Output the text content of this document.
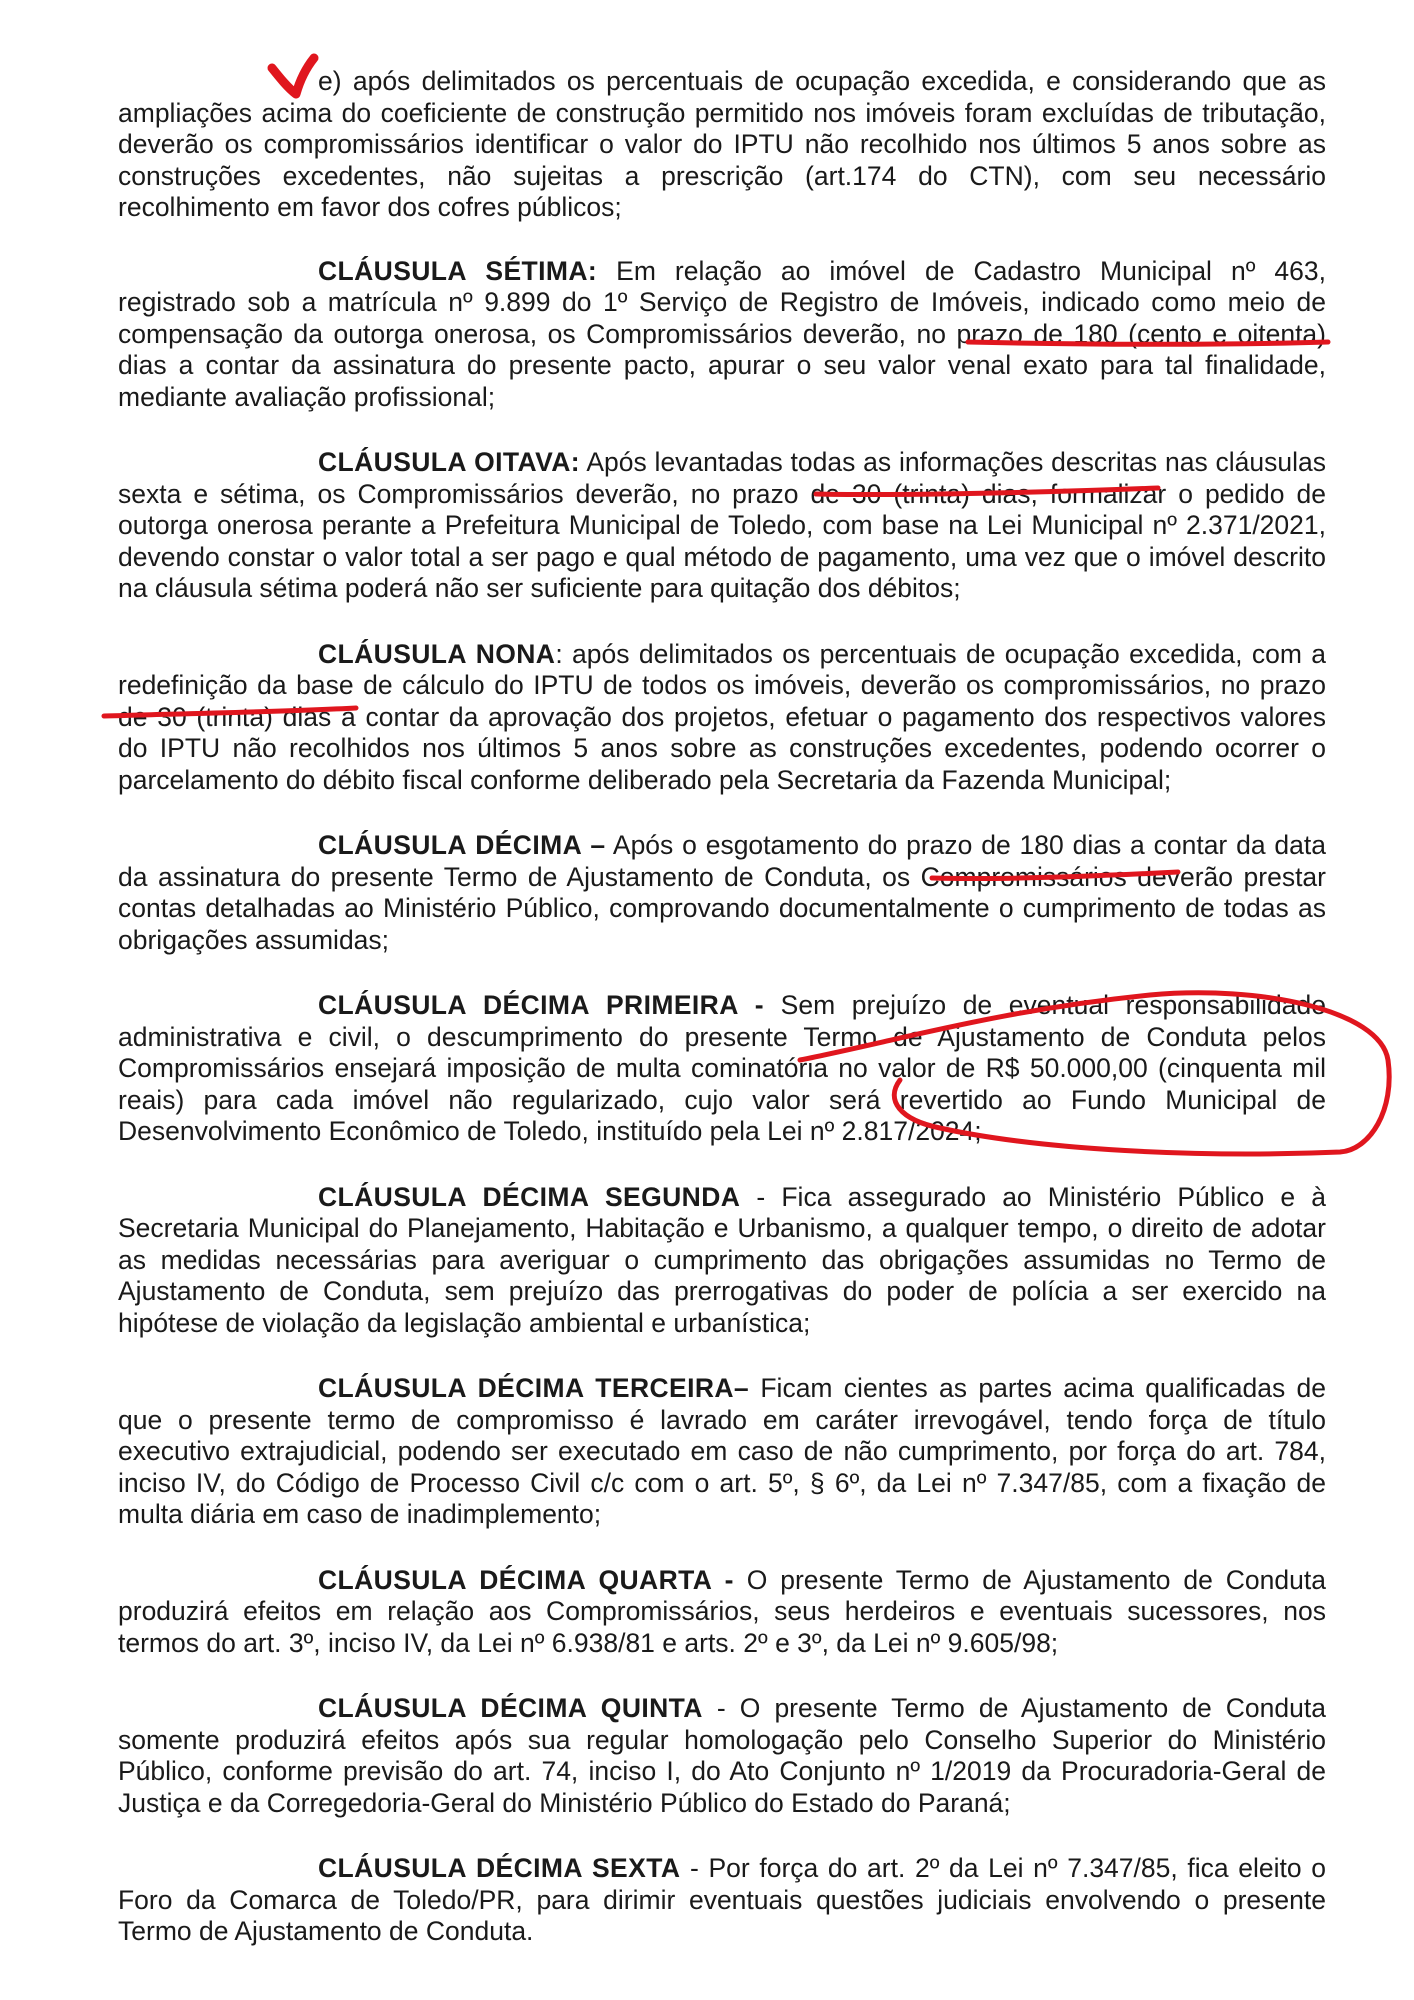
e) após delimitados os percentuais de ocupação excedida, e considerando que as ampliações acima do coeficiente de construção permitido nos imóveis foram excluídas de tributação, deverão os compromissários identificar o valor do IPTU não recolhido nos últimos 5 anos sobre as construções excedentes, não sujeitas a prescrição (art.174 do CTN), com seu necessário recolhimento em favor dos cofres públicos;

CLÁUSULA SÉTIMA: Em relação ao imóvel de Cadastro Municipal nº 463, registrado sob a matrícula nº 9.899 do 1º Serviço de Registro de Imóveis, indicado como meio de compensação da outorga onerosa, os Compromissários deverão, no prazo de 180 (cento e oitenta) dias a contar da assinatura do presente pacto, apurar o seu valor venal exato para tal finalidade, mediante avaliação profissional;

CLÁUSULA OITAVA: Após levantadas todas as informações descritas nas cláusulas sexta e sétima, os Compromissários deverão, no prazo de 30 (trinta) dias, formalizar o pedido de outorga onerosa perante a Prefeitura Municipal de Toledo, com base na Lei Municipal nº 2.371/2021, devendo constar o valor total a ser pago e qual método de pagamento, uma vez que o imóvel descrito na cláusula sétima poderá não ser suficiente para quitação dos débitos;

CLÁUSULA NONA: após delimitados os percentuais de ocupação excedida, com a redefinição da base de cálculo do IPTU de todos os imóveis, deverão os compromissários, no prazo de 30 (trinta) dias a contar da aprovação dos projetos, efetuar o pagamento dos respectivos valores do IPTU não recolhidos nos últimos 5 anos sobre as construções excedentes, podendo ocorrer o parcelamento do débito fiscal conforme deliberado pela Secretaria da Fazenda Municipal;

CLÁUSULA DÉCIMA – Após o esgotamento do prazo de 180 dias a contar da data da assinatura do presente Termo de Ajustamento de Conduta, os Compromissários deverão prestar contas detalhadas ao Ministério Público, comprovando documentalmente o cumprimento de todas as obrigações assumidas;

CLÁUSULA DÉCIMA PRIMEIRA - Sem prejuízo de eventual responsabilidade administrativa e civil, o descumprimento do presente Termo de Ajustamento de Conduta pelos Compromissários ensejará imposição de multa cominatória no valor de R$ 50.000,00 (cinquenta mil reais) para cada imóvel não regularizado, cujo valor será revertido ao Fundo Municipal de Desenvolvimento Econômico de Toledo, instituído pela Lei nº 2.817/2024;

CLÁUSULA DÉCIMA SEGUNDA - Fica assegurado ao Ministério Público e à Secretaria Municipal do Planejamento, Habitação e Urbanismo, a qualquer tempo, o direito de adotar as medidas necessárias para averiguar o cumprimento das obrigações assumidas no Termo de Ajustamento de Conduta, sem prejuízo das prerrogativas do poder de polícia a ser exercido na hipótese de violação da legislação ambiental e urbanística;

CLÁUSULA DÉCIMA TERCEIRA– Ficam cientes as partes acima qualificadas de que o presente termo de compromisso é lavrado em caráter irrevogável, tendo força de título executivo extrajudicial, podendo ser executado em caso de não cumprimento, por força do art. 784, inciso IV, do Código de Processo Civil c/c com o art. 5º, § 6º, da Lei nº 7.347/85, com a fixação de multa diária em caso de inadimplemento;

CLÁUSULA DÉCIMA QUARTA - O presente Termo de Ajustamento de Conduta produzirá efeitos em relação aos Compromissários, seus herdeiros e eventuais sucessores, nos termos do art. 3º, inciso IV, da Lei nº 6.938/81 e arts. 2º e 3º, da Lei nº 9.605/98;

CLÁUSULA DÉCIMA QUINTA - O presente Termo de Ajustamento de Conduta somente produzirá efeitos após sua regular homologação pelo Conselho Superior do Ministério Público, conforme previsão do art. 74, inciso I, do Ato Conjunto nº 1/2019 da Procuradoria-Geral de Justiça e da Corregedoria-Geral do Ministério Público do Estado do Paraná;

CLÁUSULA DÉCIMA SEXTA - Por força do art. 2º da Lei nº 7.347/85, fica eleito o Foro da Comarca de Toledo/PR, para dirimir eventuais questões judiciais envolvendo o presente Termo de Ajustamento de Conduta.
